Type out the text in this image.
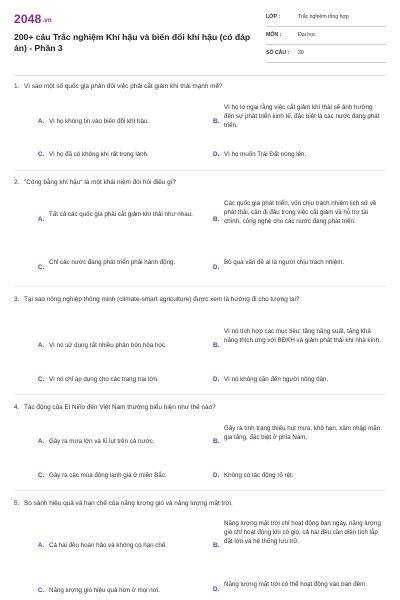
2048.vn
200+ câu Trắc nghiệm Khí hậu và biến đổi khí hậu (có đáp án) - Phần 3
LỚP :	Trắc nghiệm tổng hợp
MÔN :	Đại học
SỐ CÂU : 30
1. Vì sao một số quốc gia phản đối việc phải cắt giảm khí thải mạnh mẽ?
A. Vì họ không tin vào biến đổi khí hậu.	B.
Vì họ lo ngại rằng việc cắt giảm khí thải sẽ ảnh hưởng đến sự phát triển kinh tế, đặc biệt là các nước đang phát triển.
C. Vì họ đã có không khí rất trong lành.	D. Vì họ muốn Trái Đất nóng lên.
2. "Công bằng khí hậu" là một khái niệm đòi hỏi điều gì?
A.
Tất cả các quốc gia phải cắt giảm khí thải như nhau.
B.
Các quốc gia phát triển, vốn chịu trách nhiệm lịch sử về phát thải, cần đi đầu trong việc cắt giảm và hỗ trợ tài chính, công nghệ cho các nước đang phát triển.
C.
Chỉ các nước đang phát triển phải hành động.
D.
Bỏ qua vấn đề ai là người chịu trách nhiệm.
3. Tại sao nông nghiệp thông minh (climate-smart agriculture) được xem là hướng đi cho tương lai?
A. Vì nó sử dụng rất nhiều phân bón hóa học.	B.
Vì nó tích hợp các mục tiêu: tăng năng suất, tăng khả năng thích ứng với BĐKH và giảm phát thải khí nhà kính.
C. Vì nó chỉ áp dụng cho các trang trại lớn.	D. Vì nó không cần đến người nông dân.
4. Tác động của El Niño đến Việt Nam thường biểu hiện như thế nào?
A. Gây ra mưa lớn và lũ lụt trên cả nước.	B.
Gây ra tình trạng thiếu hụt mưa, khô hạn, xâm nhập mặn gia tăng, đặc biệt ở phía Nam.
C. Gây ra các mùa đông lạnh giá ở miền Bắc.	D. Không có tác động rõ rệt.
5. So sánh hiệu quả và hạn chế của năng lượng gió và năng lượng mặt trời.
A. Cả hai đều hoàn hảo và không có hạn chế.	B.
Năng lượng mặt trời chỉ hoạt động ban ngày, năng lượng gió chỉ hoạt động khi có gió, cả hai đều cần diện tích lắp đặt lớn và hệ thống lưu trữ.
C. Năng lượng gió hiệu quả hơn ở mọi nơi.	D.
Năng lượng mặt trời có thể hoạt động vào ban đêm.
